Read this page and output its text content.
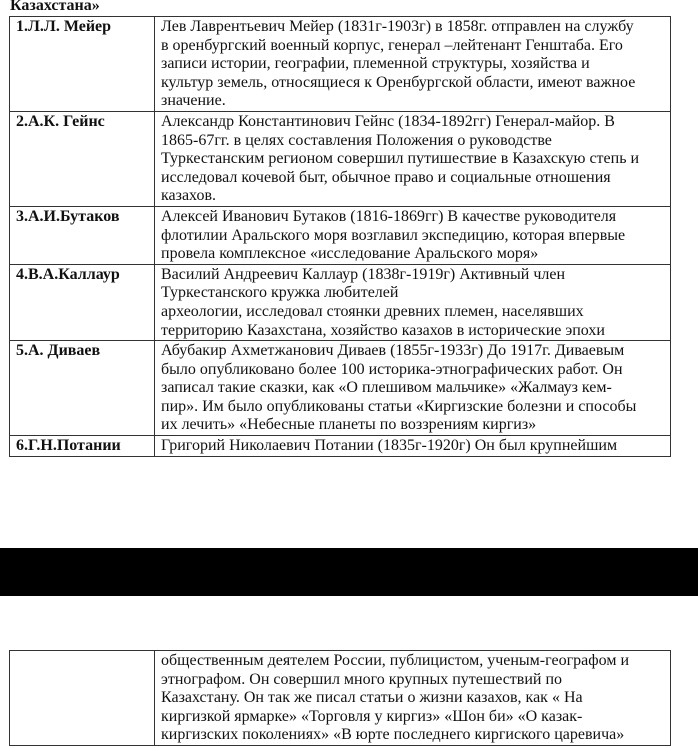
Казахстана»
1.Л.Л. Мейер	Лев Лаврентьевич Мейер (1831г-1903г) в 1858г. отправлен на службу
в оренбургский военный корпус, генерал –лейтенант Генштаба. Его
записи истории, географии, племенной структуры, хозяйства и
культур земель, относящиеся к Оренбургской области, имеют важное
значение.

2.А.К. Гейнс	Александр Константинович Гейнс (1834-1892гг) Генерал-майор. В
1865-67гг. в целях составления Положения о руководстве
Туркестанским регионом совершил путишествие в Казахскую степь и
исследовал кочевой быт, обычное право и социальные отношения
казахов.

3.А.И.Бутаков	Алексей Иванович Бутаков (1816-1869гг) В качестве руководителя
флотилии Аральского моря возглавил экспедицию, которая впервые
провела комплексное «исследование Аральского моря»

4.В.А.Каллаур	Василий Андреевич Каллаур (1838г-1919г) Активный член
Туркестанского кружка любителей
археологии, исследовал стоянки древних племен, населявших
территорию Казахстана, хозяйство казахов в исторические эпохи

5.А. Диваев	Абубакир Ахметжанович Диваев (1855г-1933г) До 1917г. Диваевым
было опубликовано более 100 историка-этнографических работ. Он
записал такие сказки, как «О плешивом мальчике» «Жалмауз кем-
пир». Им было опубликованы статьи «Киргизские болезни и способы
их лечить» «Небесные планеты по воззрениям киргиз»

6.Г.Н.Потании	Григорий Николаевич Потании (1835г-1920г) Он был крупнейшим

общественным деятелем России, публицистом, ученым-географом и
этнографом. Он совершил много крупных путешествий по
Казахстану. Он так же писал статьи о жизни казахов, как « На
киргизкой ярмарке» «Торговля у киргиз» «Шон би» «О казак-
киргизских поколениях» «В юрте последнего киргиского царевича»
